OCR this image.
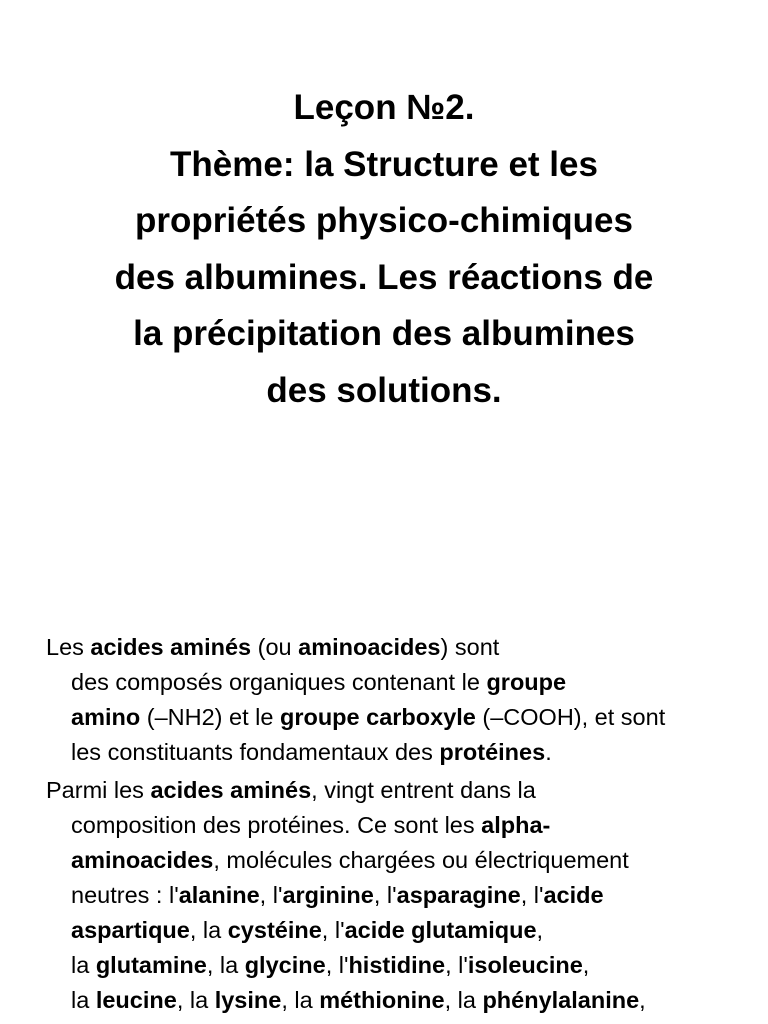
Leçon №2.
Thème: la Structure et les
propriétés physico-chimiques
des albumines. Les réactions de
la précipitation des albumines
des solutions.

Les acides aminés (ou aminoacides) sont
des composés organiques contenant le groupe
amino (–NH2) et le groupe carboxyle (–COOH), et sont
les constituants fondamentaux des protéines.

Parmi les acides aminés, vingt entrent dans la
composition des protéines. Ce sont les alpha-
aminoacides, molécules chargées ou électriquement
neutres : l'alanine, l'arginine, l'asparagine, l'acide
aspartique, la cystéine, l'acide glutamique,
la glutamine, la glycine, l'histidine, l'isoleucine,
la leucine, la lysine, la méthionine, la phénylalanine,
